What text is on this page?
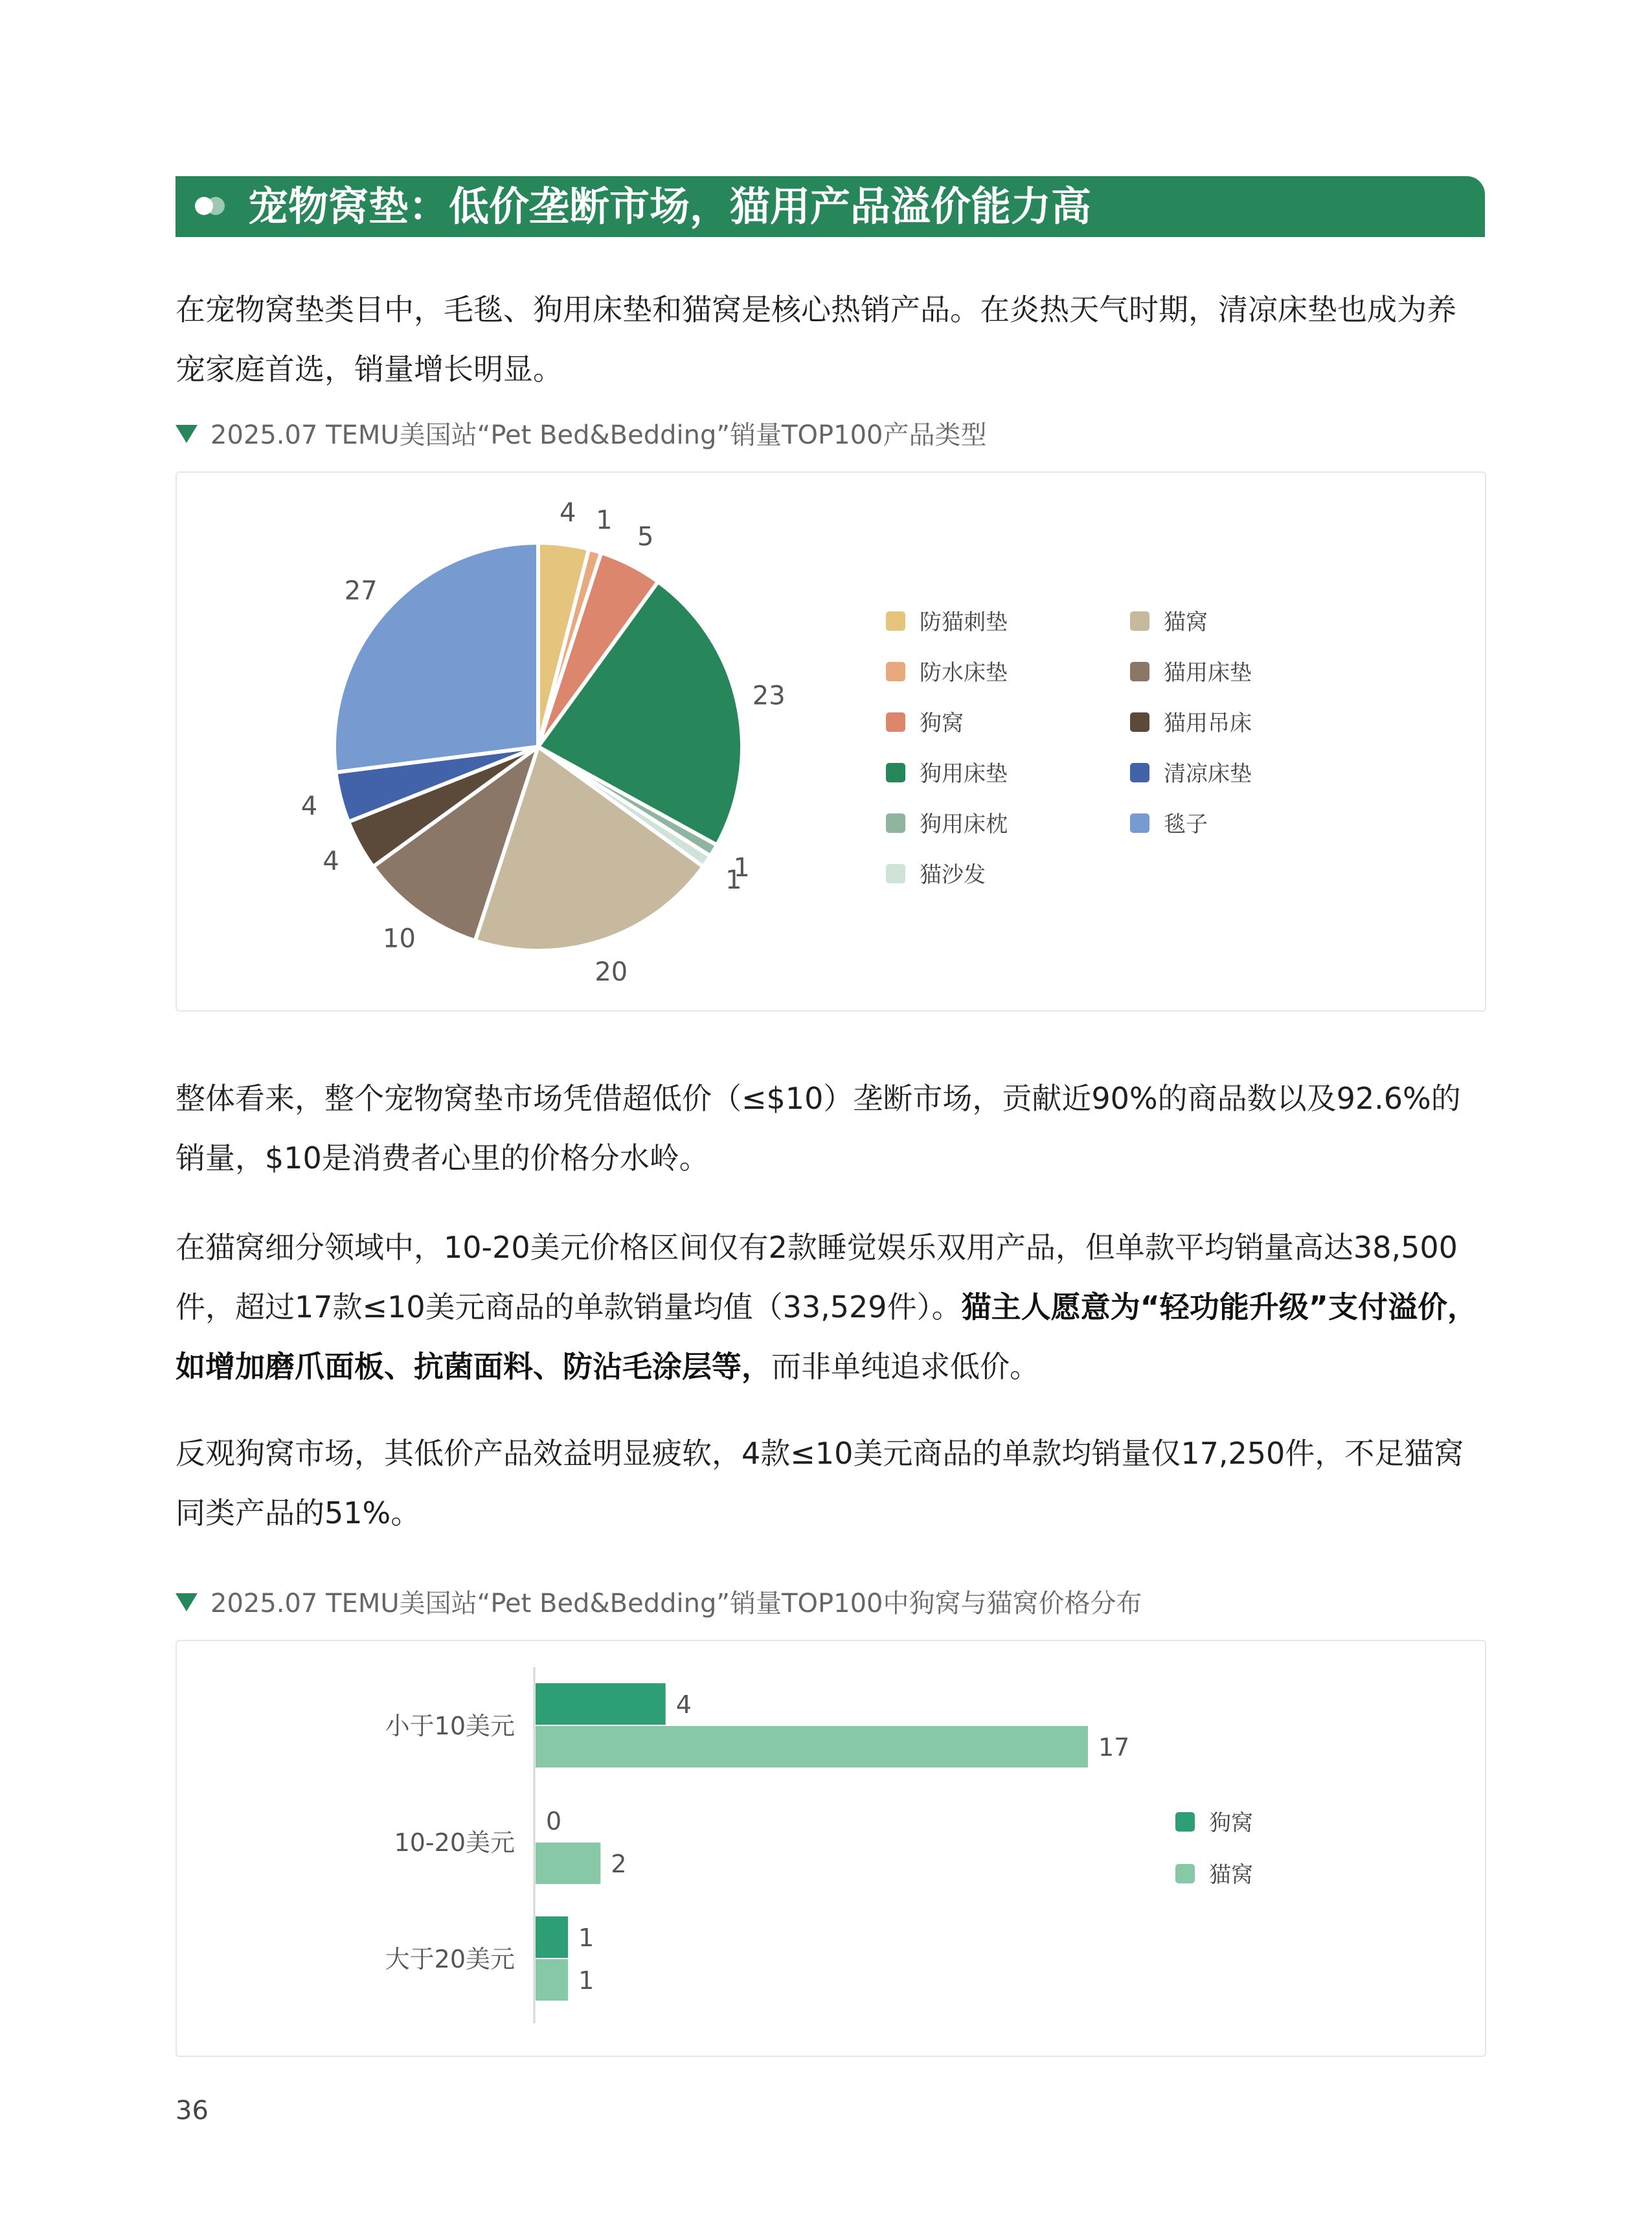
宠物窝垫：低价垄断市场，猫用产品溢价能力高

在宠物窝垫类目中，毛毯、狗用床垫和猫窝是核心热销产品。在炎热天气时期，清凉床垫也成为养宠家庭首选，销量增长明显。

2025.07 TEMU美国站“Pet Bed&Bedding”销量TOP100产品类型
4 1
5
23
1
1
20
10
4
4
27
防猫刺垫
防水床垫
狗窝
狗用床垫
狗用床枕
猫沙发
猫窝
猫用床垫
猫用吊床
清凉床垫
毯子

整体看来，整个宠物窝垫市场凭借超低价（≤$10）垄断市场，贡献近90%的商品数以及92.6%的销量，$10是消费者心里的价格分水岭。

在猫窝细分领域中，10-20美元价格区间仅有2款睡觉娱乐双用产品，但单款平均销量高达38,500件，超过17款≤10美元商品的单款销量均值（33,529件）。猫主人愿意为“轻功能升级”支付溢价，如增加磨爪面板、抗菌面料、防沾毛涂层等，而非单纯追求低价。

反观狗窝市场，其低价产品效益明显疲软，4款≤10美元商品的单款均销量仅17,250件，不足猫窝同类产品的51%。

2025.07 TEMU美国站“Pet Bed&Bedding”销量TOP100中狗窝与猫窝价格分布
小于10美元
4
17
10-20美元
0
2
大于20美元
1
1
狗窝
猫窝
36
